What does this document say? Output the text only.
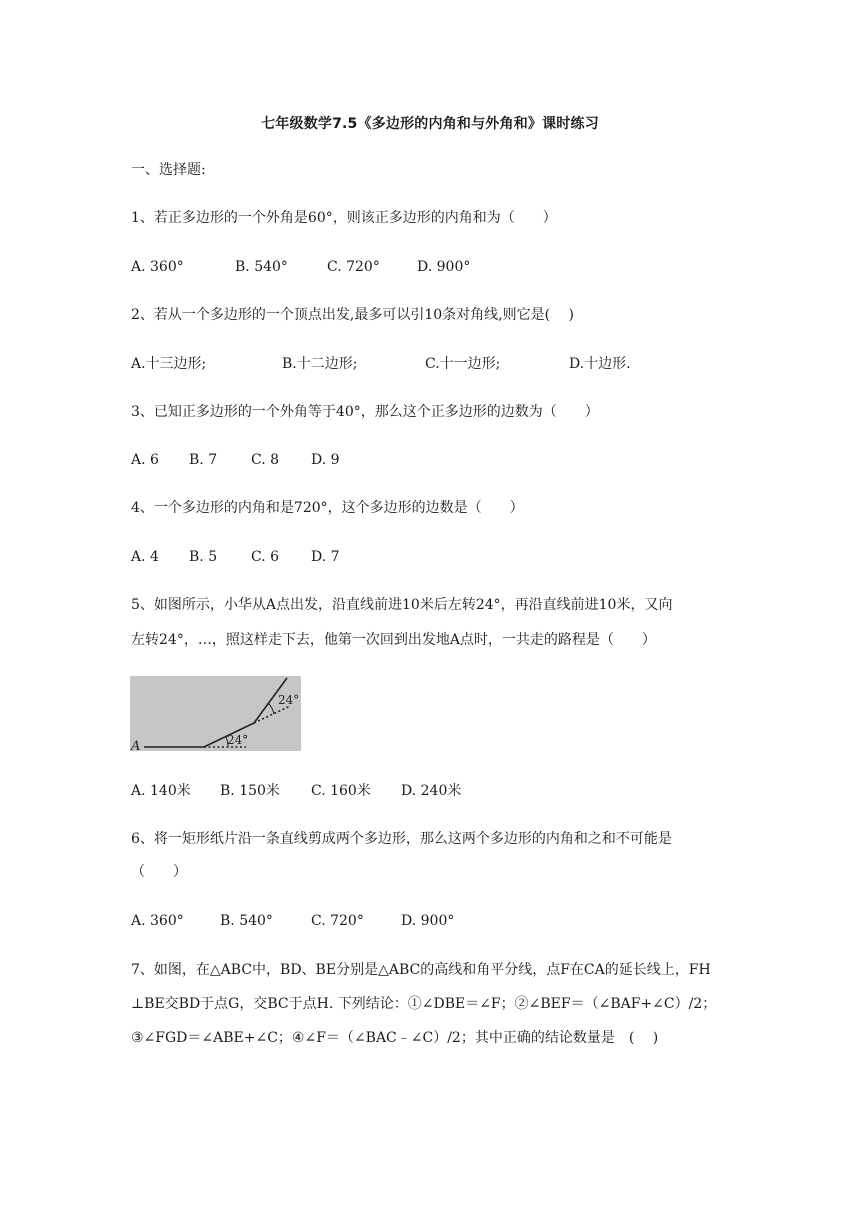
七年级数学7.5《多边形的内角和与外角和》课时练习
一、选择题:
1、若正多边形的一个外角是60°，则该正多边形的内角和为（　　）
A. 360°	B. 540°	C. 720°	D. 900°
2、若从一个多边形的一个顶点出发,最多可以引10条对角线,则它是(　 )
A.十三边形;	B.十二边形;	C.十一边形;	D.十边形.
3、已知正多边形的一个外角等于40°，那么这个正多边形的边数为（　　）
A. 6 B. 7 C. 8 D. 9
4、一个多边形的内角和是720°，这个多边形的边数是（　　）
A. 4 B. 5 C. 6 D. 7
5、如图所示，小华从A点出发，沿直线前进10米后左转24°，再沿直线前进10米，又向
左转24°，…，照这样走下去，他第一次回到出发地A点时，一共走的路程是（　　）
A	24°
24°
A. 140米 B. 150米 C. 160米 D. 240米
6、将一矩形纸片沿一条直线剪成两个多边形，那么这两个多边形的内角和之和不可能是
（　　）
A. 360°	B. 540°	C. 720°	D. 900°
7、如图，在△ABC中，BD、BE分别是△ABC的高线和角平分线，点F在CA的延长线上，FH
⊥BE交BD于点G，交BC于点H. 下列结论：①∠DBE＝∠F；②∠BEF＝（∠BAF+∠C）/2；
③∠FGD＝∠ABE+∠C；④∠F＝（∠BAC﹣∠C）/2；其中正确的结论数量是　(　 )
